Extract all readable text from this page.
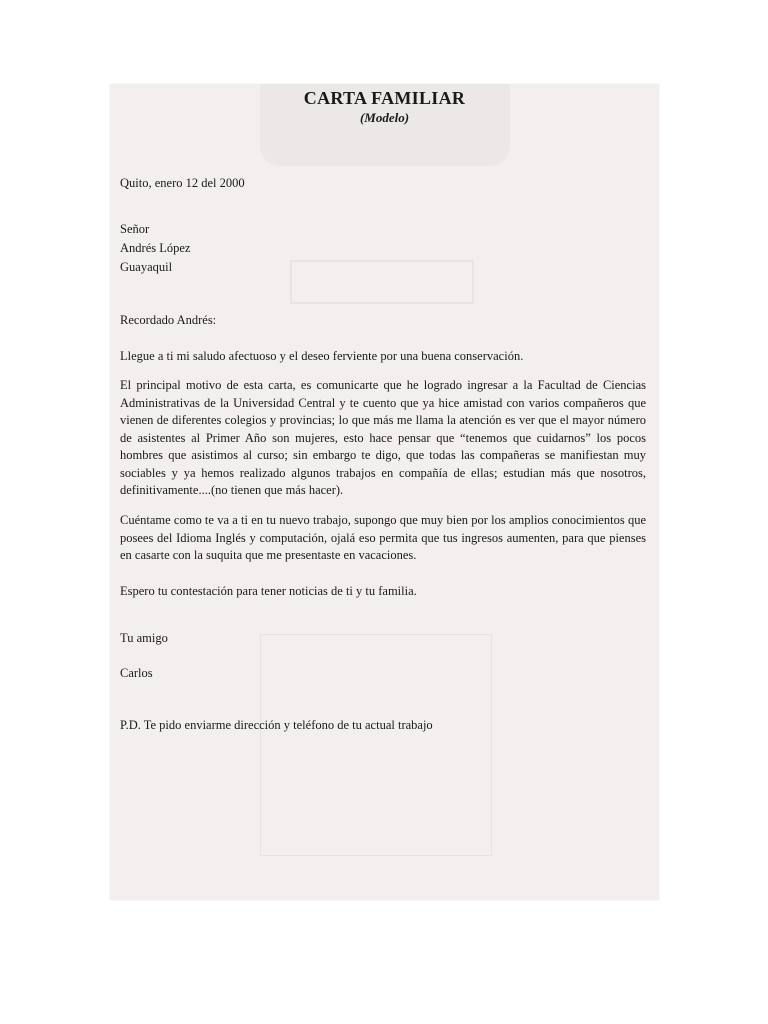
CARTA FAMILIAR
(Modelo)
Quito, enero 12 del 2000
Señor
Andrés López
Guayaquil
Recordado Andrés:
Llegue a ti mi saludo afectuoso y el deseo ferviente por una buena conservación.
El principal motivo de esta carta, es comunicarte que he logrado ingresar a la Facultad de Ciencias Administrativas de la Universidad Central y te cuento que ya hice amistad con varios compañeros que vienen de diferentes colegios y provincias; lo que más me llama la atención es ver que el mayor número de asistentes al Primer Año son mujeres, esto hace pensar que “tenemos que cuidarnos” los pocos hombres que asistimos al curso; sin embargo te digo, que todas las compañeras se manifiestan muy sociables y ya hemos realizado algunos trabajos en compañía de ellas; estudian más que nosotros, definitivamente....(no tienen que más hacer).
Cuéntame como te va a ti en tu nuevo trabajo, supongo que muy bien por los amplios conocimientos que posees del Idioma Inglés y computación, ojalá eso permita que tus ingresos aumenten, para que pienses en casarte con la suquita que me presentaste en vacaciones.
Espero tu contestación para tener noticias de ti y tu familia.
Tu amigo
Carlos
P.D. Te pido enviarme dirección y teléfono de tu actual trabajo
